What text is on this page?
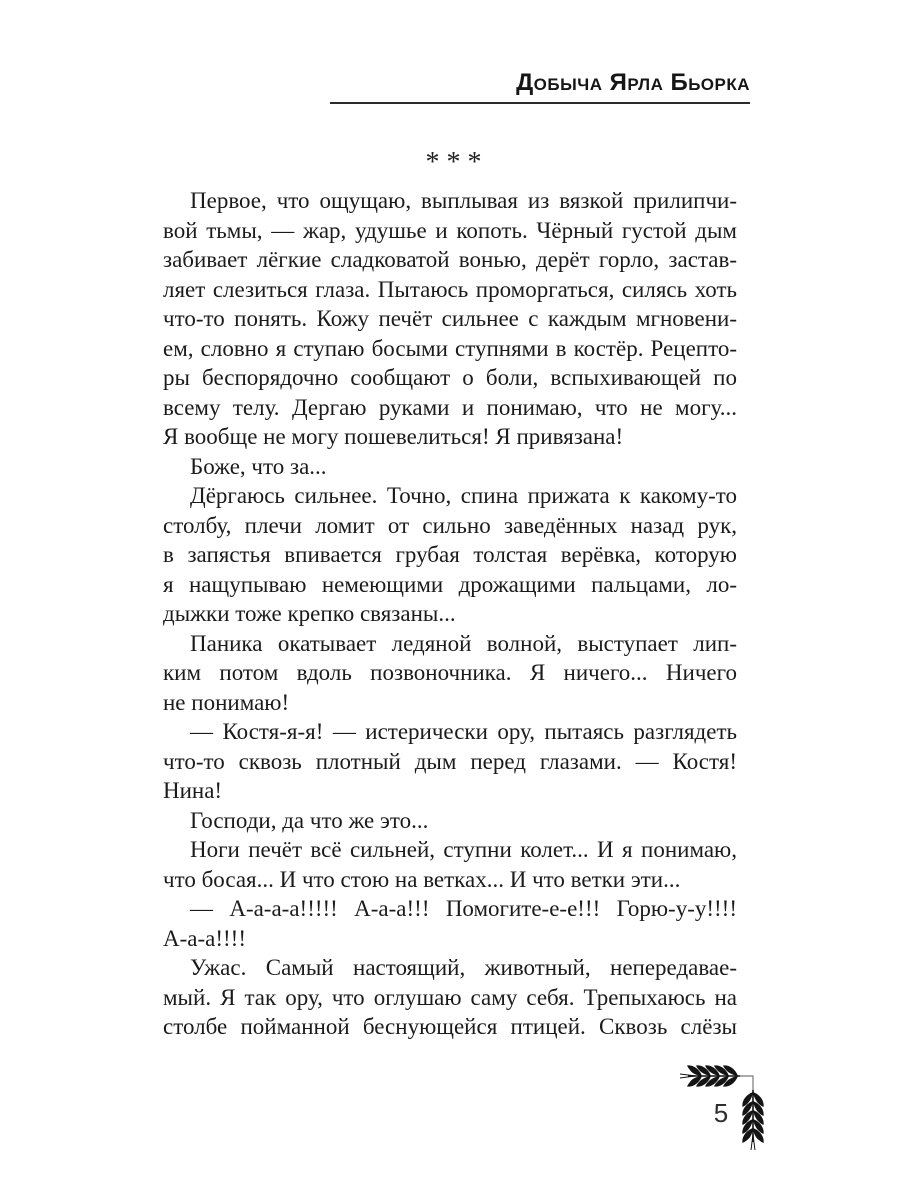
Добыча Ярла Бьорка
***
Первое, что ощущаю, выплывая из вязкой прилипчи-
вой тьмы, — жар, удушье и копоть. Чёрный густой дым
забивает лёгкие сладковатой вонью, дерёт горло, застав-
ляет слезиться глаза. Пытаюсь проморгаться, силясь хоть
что-то понять. Кожу печёт сильнее с каждым мгновени-
ем, словно я ступаю босыми ступнями в костёр. Рецепто-
ры беспорядочно сообщают о боли, вспыхивающей по
всему телу. Дергаю руками и понимаю, что не могу...
Я вообще не могу пошевелиться! Я привязана!
Боже, что за...
Дёргаюсь сильнее. Точно, спина прижата к какому-то
столбу, плечи ломит от сильно заведённых назад рук,
в запястья впивается грубая толстая верёвка, которую
я нащупываю немеющими дрожащими пальцами, ло-
дыжки тоже крепко связаны...
Паника окатывает ледяной волной, выступает лип-
ким потом вдоль позвоночника. Я ничего... Ничего
не понимаю!
— Костя-я-я! — истерически ору, пытаясь разглядеть
что-то сквозь плотный дым перед глазами. — Костя!
Нина!
Господи, да что же это...
Ноги печёт всё сильней, ступни колет... И я понимаю,
что босая... И что стою на ветках... И что ветки эти...
— А-а-а-а!!!!! А-а-а!!! Помогите-е-е!!! Горю-у-у!!!!
А-а-а!!!!
Ужас. Самый настоящий, животный, непередавае-
мый. Я так ору, что оглушаю саму себя. Трепыхаюсь на
столбе пойманной беснующейся птицей. Сквозь слёзы
5
